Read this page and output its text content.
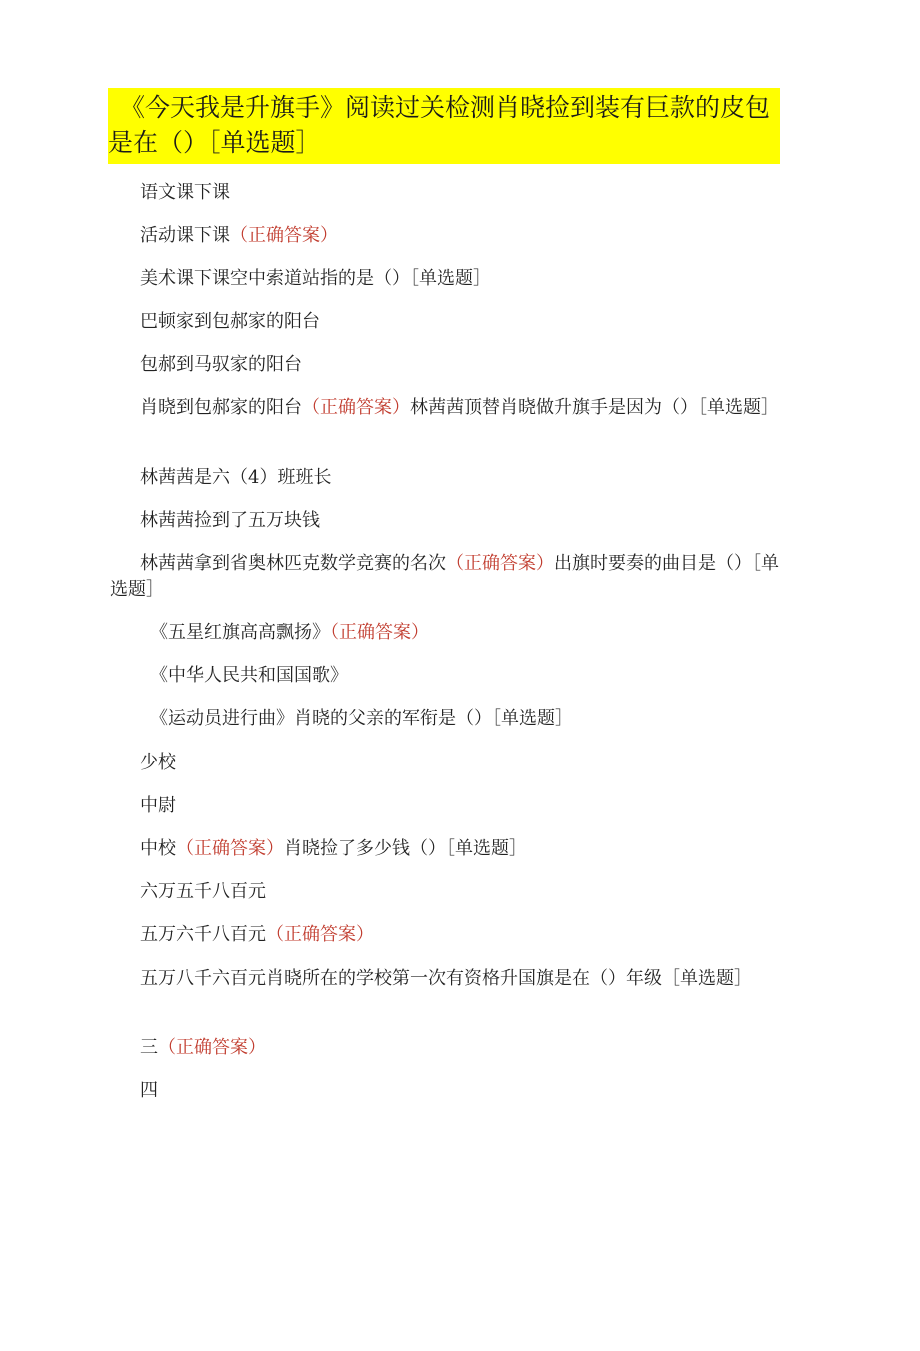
《今天我是升旗手》阅读过关检测肖晓捡到装有巨款的皮包是在（）［单选题］
语文课下课
活动课下课（正确答案）
美术课下课空中索道站指的是（）［单选题］
巴顿家到包郝家的阳台
包郝到马驭家的阳台
肖晓到包郝家的阳台（正确答案）林茜茜顶替肖晓做升旗手是因为（）［单选题］
林茜茜是六（4）班班长
林茜茜捡到了五万块钱
林茜茜拿到省奥林匹克数学竞赛的名次（正确答案）出旗时要奏的曲目是（）［单选题］
《五星红旗高高飘扬》（正确答案）
《中华人民共和国国歌》
《运动员进行曲》肖晓的父亲的军衔是（）［单选题］
少校
中尉
中校（正确答案）肖晓捡了多少钱（）［单选题］
六万五千八百元
五万六千八百元（正确答案）
五万八千六百元肖晓所在的学校第一次有资格升国旗是在（）年级［单选题］
三（正确答案）
四
